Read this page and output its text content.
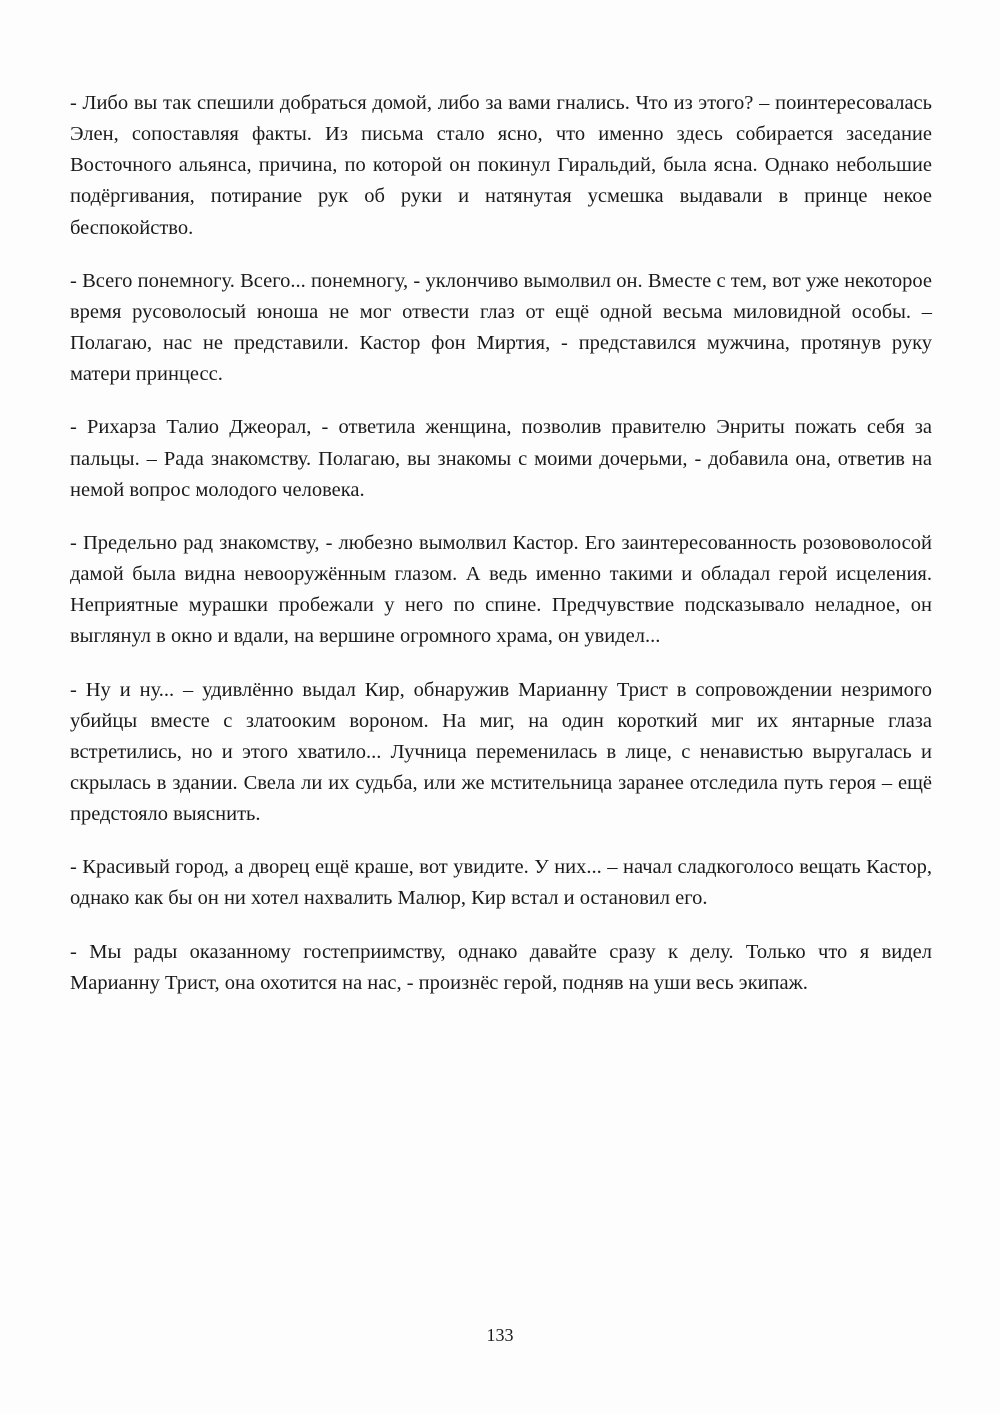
- Либо вы так спешили добраться домой, либо за вами гнались. Что из этого? – поинтересовалась Элен, сопоставляя факты. Из письма стало ясно, что именно здесь собирается заседание Восточного альянса, причина, по которой он покинул Гиральдий, была ясна. Однако небольшие подёргивания, потирание рук об руки и натянутая усмешка выдавали в принце некое беспокойство.

- Всего понемногу. Всего... понемногу, - уклончиво вымолвил он. Вместе с тем, вот уже некоторое время русоволосый юноша не мог отвести глаз от ещё одной весьма миловидной особы. – Полагаю, нас не представили. Кастор фон Миртия, - представился мужчина, протянув руку матери принцесс.

- Рихарза Талио Джеорал, - ответила женщина, позволив правителю Энриты пожать себя за пальцы. – Рада знакомству. Полагаю, вы знакомы с моими дочерьми, - добавила она, ответив на немой вопрос молодого человека.

- Предельно рад знакомству, - любезно вымолвил Кастор. Его заинтересованность розововолосой дамой была видна невооружённым глазом. А ведь именно такими и обладал герой исцеления. Неприятные мурашки пробежали у него по спине. Предчувствие подсказывало неладное, он выглянул в окно и вдали, на вершине огромного храма, он увидел...

- Ну и ну... – удивлённо выдал Кир, обнаружив Марианну Трист в сопровождении незримого убийцы вместе с златооким вороном. На миг, на один короткий миг их янтарные глаза встретились, но и этого хватило... Лучница переменилась в лице, с ненавистью выругалась и скрылась в здании. Свела ли их судьба, или же мстительница заранее отследила путь героя – ещё предстояло выяснить.

- Красивый город, а дворец ещё краше, вот увидите. У них... – начал сладкоголосо вещать Кастор, однако как бы он ни хотел нахвалить Малюр, Кир встал и остановил его.

- Мы рады оказанному гостеприимству, однако давайте сразу к делу. Только что я видел Марианну Трист, она охотится на нас, - произнёс герой, подняв на уши весь экипаж.

133
